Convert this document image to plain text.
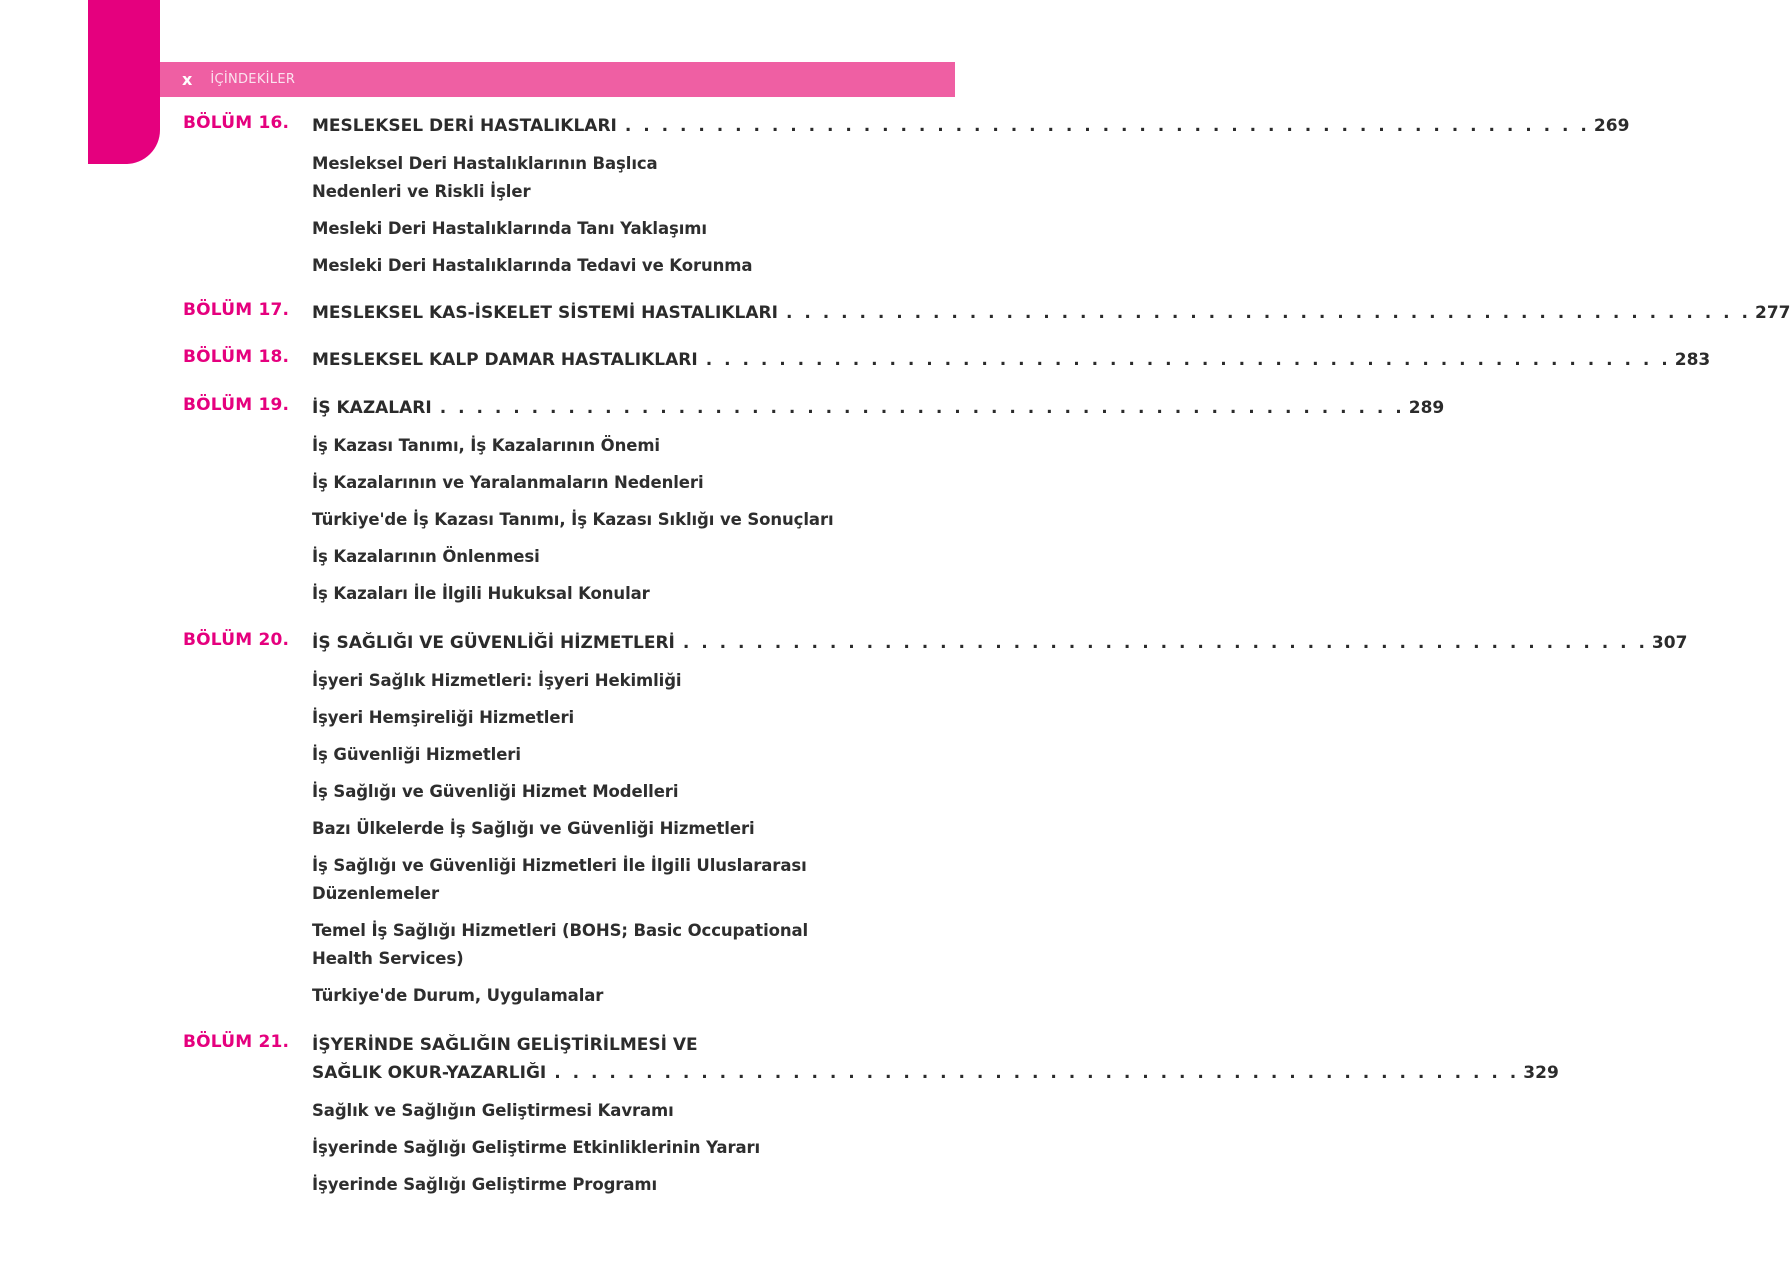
x İÇİNDEKİLER
BÖLÜM 16. MESLEKSEL DERİ HASTALIKLARI . . . . . . . . . . . . . . . . . . . . . . . . . . . . . . . . . . . . . . . . . . . . . . . . . . . . . 269
Mesleksel Deri Hastalıklarının Başlıca Nedenleri ve Riskli İşler
Mesleki Deri Hastalıklarında Tanı Yaklaşımı
Mesleki Deri Hastalıklarında Tedavi ve Korunma
BÖLÜM 17. MESLEKSEL KAS-İSKELET SİSTEMİ HASTALIKLARI . . . . . . . . . . . . . . . . . . . . . . . . . . . . . . . . . . . . . . . . . . . . . . . . . . . . . 277
BÖLÜM 18. MESLEKSEL KALP DAMAR HASTALIKLARI . . . . . . . . . . . . . . . . . . . . . . . . . . . . . . . . . . . . . . . . . . . . . . . . . . . . . 283
BÖLÜM 19. İŞ KAZALARI . . . . . . . . . . . . . . . . . . . . . . . . . . . . . . . . . . . . . . . . . . . . . . . . . . . . . 289
İş Kazası Tanımı, İş Kazalarının Önemi
İş Kazalarının ve Yaralanmaların Nedenleri
Türkiye'de İş Kazası Tanımı, İş Kazası Sıklığı ve Sonuçları
İş Kazalarının Önlenmesi
İş Kazaları İle İlgili Hukuksal Konular
BÖLÜM 20. İŞ SAĞLIĞI VE GÜVENLİĞİ HİZMETLERİ . . . . . . . . . . . . . . . . . . . . . . . . . . . . . . . . . . . . . . . . . . . . . . . . . . . . . 307
İşyeri Sağlık Hizmetleri: İşyeri Hekimliği
İşyeri Hemşireliği Hizmetleri
İş Güvenliği Hizmetleri
İş Sağlığı ve Güvenliği Hizmet Modelleri
Bazı Ülkelerde İş Sağlığı ve Güvenliği Hizmetleri
İş Sağlığı ve Güvenliği Hizmetleri İle İlgili Uluslararası Düzenlemeler
Temel İş Sağlığı Hizmetleri (BOHS; Basic Occupational Health Services)
Türkiye'de Durum, Uygulamalar
BÖLÜM 21. İŞYERİNDE SAĞLIĞIN GELİŞTİRİLMESİ VE
SAĞLIK OKUR-YAZARLIĞI . . . . . . . . . . . . . . . . . . . . . . . . . . . . . . . . . . . . . . . . . . . . . . . . . . . . . 329
Sağlık ve Sağlığın Geliştirmesi Kavramı
İşyerinde Sağlığı Geliştirme Etkinliklerinin Yararı
İşyerinde Sağlığı Geliştirme Programı
